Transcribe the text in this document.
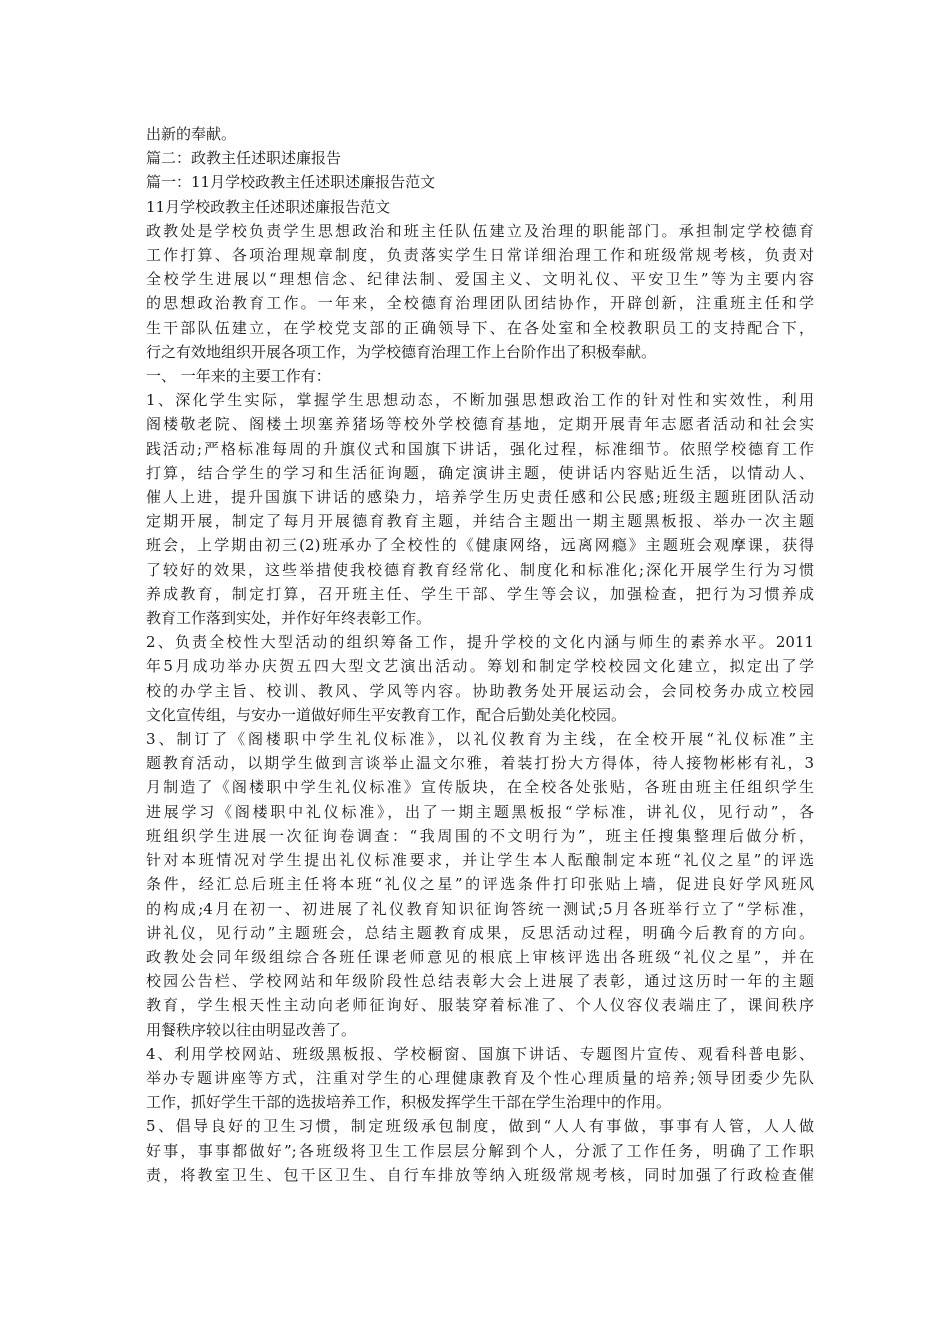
出新的奉献。
篇二：政教主任述职述廉报告
篇一：11月学校政教主任述职述廉报告范文
11月学校政教主任述职述廉报告范文
政教处是学校负责学生思想政治和班主任队伍建立及治理的职能部门。承担制定学校德育
工作打算、各项治理规章制度，负责落实学生日常详细治理工作和班级常规考核，负责对
全校学生进展以“理想信念、纪律法制、爱国主义、文明礼仪、平安卫生”等为主要内容
的思想政治教育工作。一年来，全校德育治理团队团结协作，开辟创新，注重班主任和学
生干部队伍建立，在学校党支部的正确领导下、在各处室和全校教职员工的支持配合下，
行之有效地组织开展各项工作，为学校德育治理工作上台阶作出了积极奉献。
一、 一年来的主要工作有：
1、深化学生实际，掌握学生思想动态，不断加强思想政治工作的针对性和实效性，利用
阁楼敬老院、阁楼土坝塞养猪场等校外学校德育基地，定期开展青年志愿者活动和社会实
践活动;严格标准每周的升旗仪式和国旗下讲话，强化过程，标准细节。依照学校德育工作
打算，结合学生的学习和生活征询题，确定演讲主题，使讲话内容贴近生活，以情动人、
催人上进，提升国旗下讲话的感染力，培养学生历史责任感和公民感;班级主题班团队活动
定期开展，制定了每月开展德育教育主题，并结合主题出一期主题黑板报、举办一次主题
班会，上学期由初三(2)班承办了全校性的《健康网络，远离网瘾》主题班会观摩课，获得
了较好的效果，这些举措使我校德育教育经常化、制度化和标准化;深化开展学生行为习惯
养成教育，制定打算，召开班主任、学生干部、学生等会议，加强检查，把行为习惯养成
教育工作落到实处，并作好年终表彰工作。
2、负责全校性大型活动的组织筹备工作，提升学校的文化内涵与师生的素养水平。2011
年5月成功举办庆贺五四大型文艺演出活动。筹划和制定学校校园文化建立，拟定出了学
校的办学主旨、校训、教风、学风等内容。协助教务处开展运动会，会同校务办成立校园
文化宣传组，与安办一道做好师生平安教育工作，配合后勤处美化校园。
3、制订了《阁楼职中学生礼仪标准》，以礼仪教育为主线，在全校开展“礼仪标准”主
题教育活动，以期学生做到言谈举止温文尔雅，着装打扮大方得体，待人接物彬彬有礼，3
月制造了《阁楼职中学生礼仪标准》宣传版块，在全校各处张贴，各班由班主任组织学生
进展学习《阁楼职中礼仪标准》，出了一期主题黑板报“学标准，讲礼仪，见行动”，各
班组织学生进展一次征询卷调查：“我周围的不文明行为”，班主任搜集整理后做分析，
针对本班情况对学生提出礼仪标准要求，并让学生本人酝酿制定本班“礼仪之星”的评选
条件，经汇总后班主任将本班“礼仪之星”的评选条件打印张贴上墙，促进良好学风班风
的构成;4月在初一、初进展了礼仪教育知识征询答统一测试;5月各班举行立了“学标准，
讲礼仪，见行动”主题班会，总结主题教育成果，反思活动过程，明确今后教育的方向。
政教处会同年级组综合各班任课老师意见的根底上审核评选出各班级“礼仪之星”，并在
校园公告栏、学校网站和年级阶段性总结表彰大会上进展了表彰，通过这历时一年的主题
教育，学生根天性主动向老师征询好、服装穿着标准了、个人仪容仪表端庄了，课间秩序
用餐秩序较以往由明显改善了。
4、利用学校网站、班级黑板报、学校橱窗、国旗下讲话、专题图片宣传、观看科普电影、
举办专题讲座等方式，注重对学生的心理健康教育及个性心理质量的培养;领导团委少先队
工作，抓好学生干部的选拔培养工作，积极发挥学生干部在学生治理中的作用。
5、倡导良好的卫生习惯，制定班级承包制度，做到“人人有事做，事事有人管，人人做
好事，事事都做好”;各班级将卫生工作层层分解到个人，分派了工作任务，明确了工作职
责，将教室卫生、包干区卫生、自行车排放等纳入班级常规考核，同时加强了行政检查催
